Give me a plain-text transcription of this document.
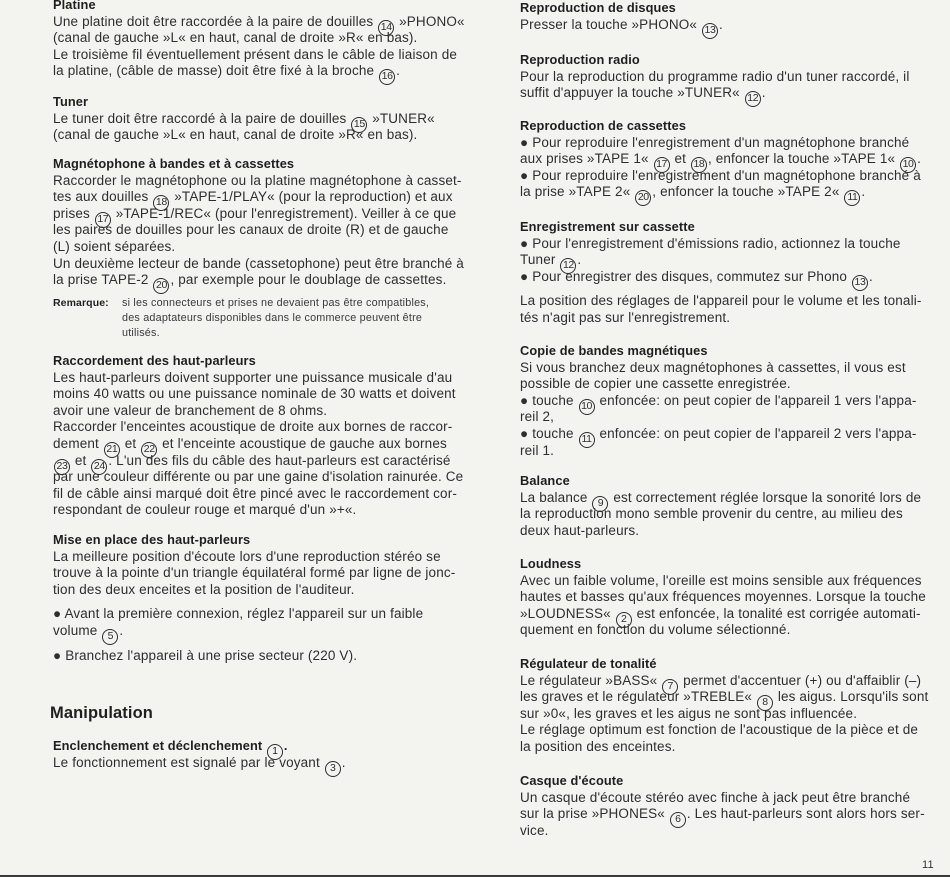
Platine
Une platine doit être raccordée à la paire de douilles 14 »PHONO«
(canal de gauche »L« en haut, canal de droite »R« en bas).
Le troisième fil éventuellement présent dans le câble de liaison de
la platine, (câble de masse) doit être fixé à la broche 16 .
Tuner
Le tuner doit être raccordé à la paire de douilles 15 »TUNER«
(canal de gauche »L« en haut, canal de droite »R« en bas).
Magnétophone à bandes et à cassettes
Raccorder le magnétophone ou la platine magnétophone à casset-
tes aux douilles 18 »TAPE-1/PLAY« (pour la reproduction) et aux
prises 17 »TAPE-1/REC« (pour l'enregistrement). Veiller à ce que
les paires de douilles pour les canaux de droite (R) et de gauche
(L) soient séparées.
Un deuxième lecteur de bande (cassetophone) peut être branché à
la prise TAPE-2 20 , par exemple pour le doublage de cassettes.
Remarque: si les connecteurs et prises ne devaient pas être compatibles,
des adaptateurs disponibles dans le commerce peuvent être
utilisés.
Raccordement des haut-parleurs
Les haut-parleurs doivent supporter une puissance musicale d'au
moins 40 watts ou une puissance nominale de 30 watts et doivent
avoir une valeur de branchement de 8 ohms.
Raccorder l'enceintes acoustique de droite aux bornes de raccor-
dement 21 et 22 et l'enceinte acoustique de gauche aux bornes
23 et 24 . L'un des fils du câble des haut-parleurs est caractérisé
par une couleur différente ou par une gaine d'isolation rainurée. Ce
fil de câble ainsi marqué doit être pincé avec le raccordement cor-
respondant de couleur rouge et marqué d'un »+«.
Mise en place des haut-parleurs
La meilleure position d'écoute lors d'une reproduction stéréo se
trouve à la pointe d'un triangle équilatéral formé par ligne de jonc-
tion des deux enceites et la position de l'auditeur.
● Avant la première connexion, réglez l'appareil sur un faible
volume 5 .
● Branchez l'appareil à une prise secteur (220 V).
Manipulation
Enclenchement et déclenchement 1 .
Le fonctionnement est signalé par le voyant 3 .
Reproduction de disques
Presser la touche »PHONO« 13 .
Reproduction radio
Pour la reproduction du programme radio d'un tuner raccordé, il
suffit d'appuyer la touche »TUNER« 12 .
Reproduction de cassettes
● Pour reproduire l'enregistrement d'un magnétophone branché
aux prises »TAPE 1« 17 et 18 , enfoncer la touche »TAPE 1« 10 .
● Pour reproduire l'enregistrement d'un magnétophone branché à
la prise »TAPE 2« 20 , enfoncer la touche »TAPE 2« 11 .
Enregistrement sur cassette
● Pour l'enregistrement d'émissions radio, actionnez la touche
Tuner 12 .
● Pour enregistrer des disques, commutez sur Phono 13 .
La position des réglages de l'appareil pour le volume et les tonali-
tés n'agit pas sur l'enregistrement.
Copie de bandes magnétiques
Si vous branchez deux magnétophones à cassettes, il vous est
possible de copier une cassette enregistrée.
● touche 10 enfoncée: on peut copier de l'appareil 1 vers l'appa-
reil 2,
● touche 11 enfoncée: on peut copier de l'appareil 2 vers l'appa-
reil 1.
Balance
La balance 9 est correctement réglée lorsque la sonorité lors de
la reproduction mono semble provenir du centre, au milieu des
deux haut-parleurs.
Loudness
Avec un faible volume, l'oreille est moins sensible aux fréquences
hautes et basses qu'aux fréquences moyennes. Lorsque la touche
»LOUDNESS« 2 est enfoncée, la tonalité est corrigée automati-
quement en fonction du volume sélectionné.
Régulateur de tonalité
Le régulateur »BASS« 7 permet d'accentuer (+) ou d'affaiblir (–)
les graves et le régulateur »TREBLE« 8 les aigus. Lorsqu'ils sont
sur »0«, les graves et les aigus ne sont pas influencée.
Le réglage optimum est fonction de l'acoustique de la pièce et de
la position des enceintes.
Casque d'écoute
Un casque d'écoute stéréo avec finche à jack peut être branché
sur la prise »PHONES« 6 . Les haut-parleurs sont alors hors ser-
vice.
11
